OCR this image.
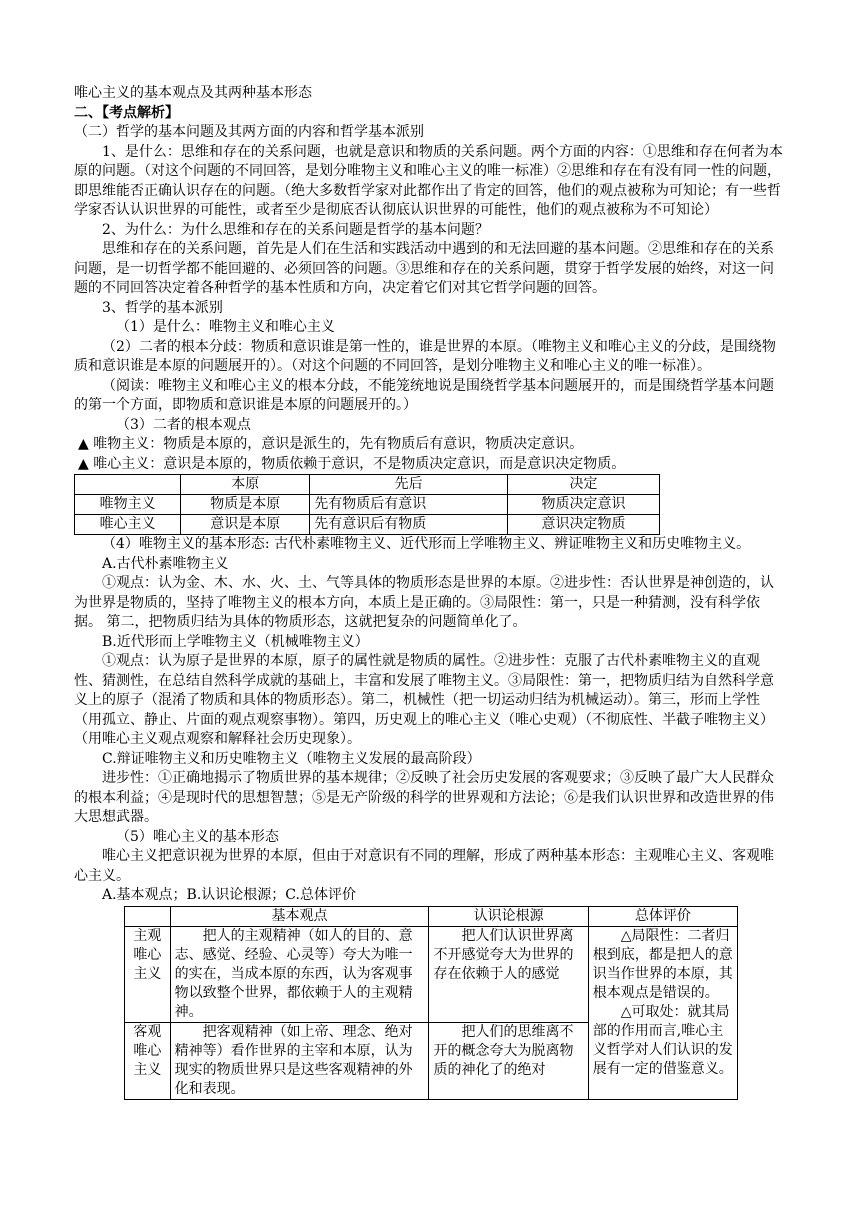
唯心主义的基本观点及其两种基本形态

二、【考点解析】

（二）哲学的基本问题及其两方面的内容和哲学基本派别

1、是什么：思维和存在的关系问题，也就是意识和物质的关系问题。两个方面的内容：①思维和存在何者为本原的问题。（对这个问题的不同回答，是划分唯物主义和唯心主义的唯一标准）②思维和存在有没有同一性的问题，即思维能否正确认识存在的问题。（绝大多数哲学家对此都作出了肯定的回答，他们的观点被称为可知论；有一些哲学家否认认识世界的可能性，或者至少是彻底否认彻底认识世界的可能性，他们的观点被称为不可知论）

2、为什么：为什么思维和存在的关系问题是哲学的基本问题？

思维和存在的关系问题，首先是人们在生活和实践活动中遇到的和无法回避的基本问题。②思维和存在的关系问题，是一切哲学都不能回避的、必须回答的问题。③思维和存在的关系问题，贯穿于哲学发展的始终，对这一问题的不同回答决定着各种哲学的基本性质和方向，决定着它们对其它哲学问题的回答。

3、哲学的基本派别

（1）是什么：唯物主义和唯心主义

（2）二者的根本分歧：物质和意识谁是第一性的，谁是世界的本原。（唯物主义和唯心主义的分歧，是围绕物质和意识谁是本原的问题展开的）。（对这个问题的不同回答，是划分唯物主义和唯心主义的唯一标准）。

（阅读：唯物主义和唯心主义的根本分歧，不能笼统地说是围绕哲学基本问题展开的，而是围绕哲学基本问题的第一个方面，即物质和意识谁是本原的问题展开的。）

（3）二者的根本观点

▲ 唯物主义：物质是本原的，意识是派生的，先有物质后有意识，物质决定意识。

▲ 唯心主义：意识是本原的，物质依赖于意识，不是物质决定意识，而是意识决定物质。

	本原	先后	决定
唯物主义	物质是本原	先有物质后有意识	物质决定意识
唯心主义	意识是本原	先有意识后有物质	意识决定物质

（4）唯物主义的基本形态: 古代朴素唯物主义、近代形而上学唯物主义、辨证唯物主义和历史唯物主义。

A.古代朴素唯物主义

①观点：认为金、木、水、火、土、气等具体的物质形态是世界的本原。②进步性：否认世界是神创造的，认为世界是物质的，坚持了唯物主义的根本方向，本质上是正确的。③局限性：第一，只是一种猜测，没有科学依据。 第二，把物质归结为具体的物质形态，这就把复杂的问题简单化了。

B.近代形而上学唯物主义（机械唯物主义）

①观点：认为原子是世界的本原，原子的属性就是物质的属性。②进步性：克服了古代朴素唯物主义的直观性、猜测性，在总结自然科学成就的基础上，丰富和发展了唯物主义。③局限性：第一，把物质归结为自然科学意义上的原子（混淆了物质和具体的物质形态）。第二，机械性（把一切运动归结为机械运动）。第三，形而上学性（用孤立、静止、片面的观点观察事物）。第四，历史观上的唯心主义（唯心史观）（不彻底性、半截子唯物主义）（用唯心主义观点观察和解释社会历史现象）。

C.辩证唯物主义和历史唯物主义（唯物主义发展的最高阶段）

进步性：①正确地揭示了物质世界的基本规律；②反映了社会历史发展的客观要求；③反映了最广大人民群众的根本利益；④是现时代的思想智慧；⑤是无产阶级的科学的世界观和方法论；⑥是我们认识世界和改造世界的伟大思想武器。

（5）唯心主义的基本形态

唯心主义把意识视为世界的本原，但由于对意识有不同的理解，形成了两种基本形态：主观唯心主义、客观唯心主义。

A.基本观点；B.认识论根源；C.总体评价

	基本观点	认识论根源	总体评价
主观唯心主义	把人的主观精神（如人的目的、意志、感觉、经验、心灵等）夸大为唯一的实在，当成本原的东西，认为客观事物以致整个世界，都依赖于人的主观精神。	把人们认识世界离不开感觉夸大为世界的存在依赖于人的感觉	△局限性：二者归根到底，都是把人的意识当作世界的本原，其根本观点是错误的。
△可取处：就其局部的作用而言,唯心主义哲学对人们认识的发展有一定的借鉴意义。

客观唯心主义	把客观精神（如上帝、理念、绝对精神等）看作世界的主宰和本原，认为现实的物质世界只是这些客观精神的外化和表现。	把人们的思维离不开的概念夸大为脱离物质的神化了的绝对	
